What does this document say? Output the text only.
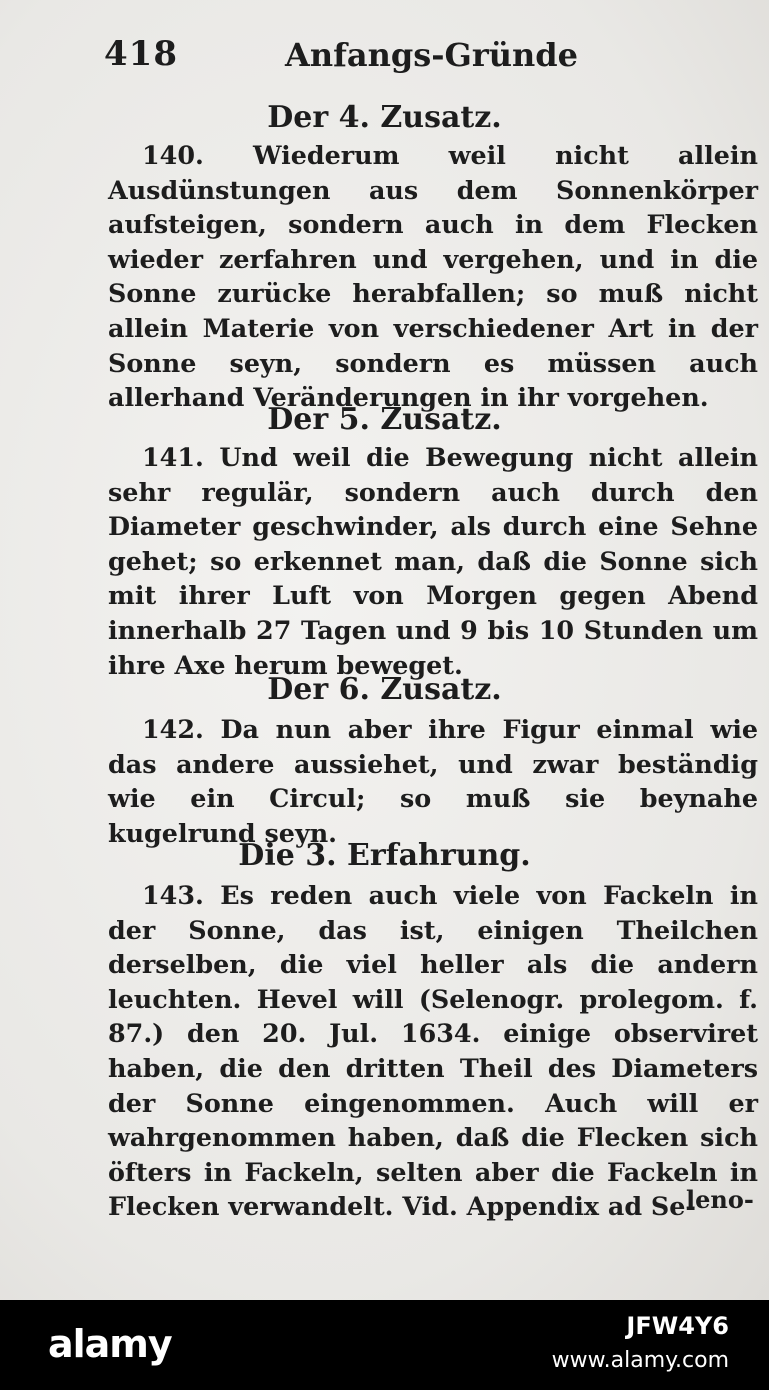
418	Anfangs-Gründe
Der 4. Zusatz.

140. Wiederum weil nicht allein Ausdünstungen aus dem Sonnenkörper aufsteigen, sondern auch in dem Flecken wieder zerfahren und vergehen, und in die Sonne zurücke herabfallen; so muß nicht allein Materie von verschiedener Art in der Sonne seyn, sondern es müssen auch allerhand Veränderungen in ihr vorgehen.

Der 5. Zusatz.

141. Und weil die Bewegung nicht allein sehr regulär, sondern auch durch den Diameter geschwinder, als durch eine Sehne gehet; so erkennet man, daß die Sonne sich mit ihrer Luft von Morgen gegen Abend innerhalb 27 Tagen und 9 bis 10 Stunden um ihre Axe herum beweget.

Der 6. Zusatz.

142. Da nun aber ihre Figur einmal wie das andere aussiehet, und zwar beständig wie ein Circul; so muß sie beynahe kugelrund seyn.

Die 3. Erfahrung.

143. Es reden auch viele von Fackeln in der Sonne, das ist, einigen Theilchen derselben, die viel heller als die andern leuchten. Hevel will (Selenogr. prolegom. f. 87.) den 20. Jul. 1634. einige observiret haben, die den dritten Theil des Diameters der Sonne eingenommen. Auch will er wahrgenommen haben, daß die Flecken sich öfters in Fackeln, selten aber die Fackeln in Flecken verwandelt. Vid. Appendix ad Se-

leno-
alamy	JFW4Y6
www.alamy.com
